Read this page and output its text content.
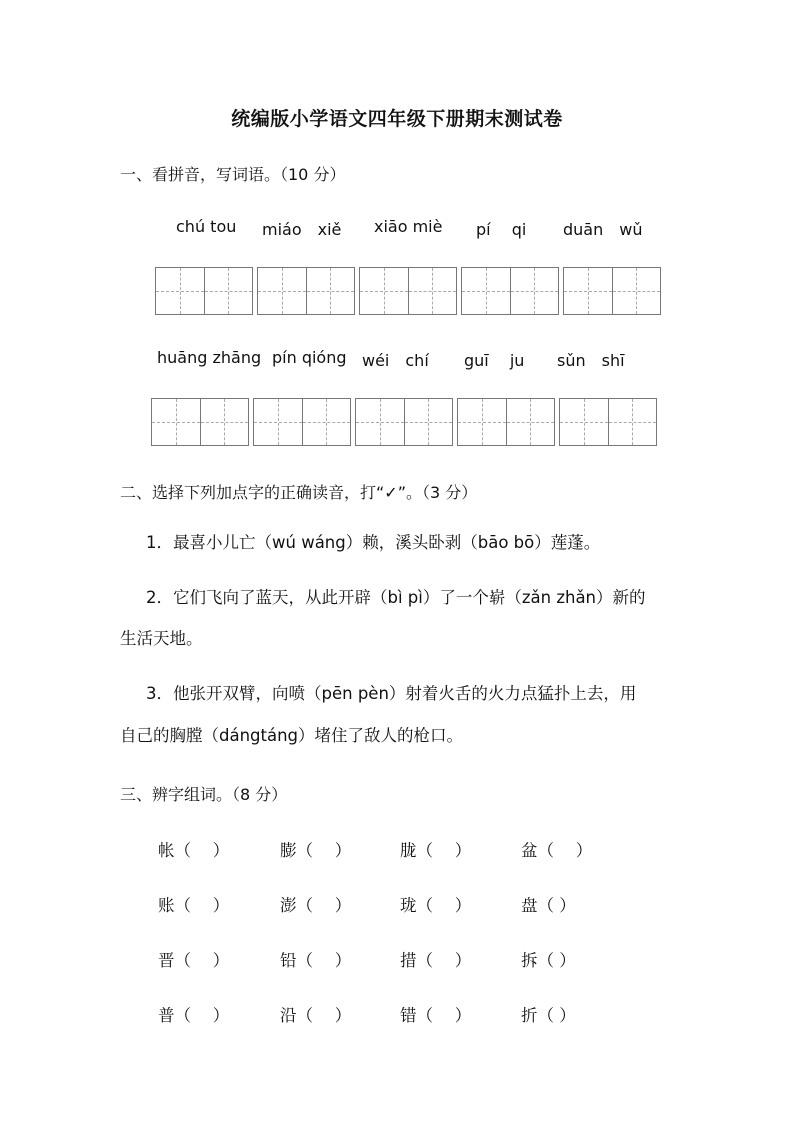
统编版小学语文四年级下册期末测试卷
一、看拼音，写词语。（10 分）
chú tou miáo　xiě xiāo miè pí　 qi duān　wǔ
huāng zhāng pín qióng wéi　chí guī　 ju sǔn　shī
二、选择下列加点字的正确读音，打“✓”。（3 分）
1．最喜小儿亡（wú wáng）赖，溪头卧剥（bāo bō）莲蓬。
2．它们飞向了蓝天，从此开辟（bì pì）了一个崭（zǎn zhǎn）新的
生活天地。
3．他张开双臂，向喷（pēn pèn）射着火舌的火力点猛扑上去，用
自己的胸膛（dángtáng）堵住了敌人的枪口。
三、辨字组词。（8 分）
帐（　 ）	膨（　 ）	胧（　 ）	盆（　 ）
账（　 ）	澎（　 ）	珑（　 ）	盘（ ）
晋（　 ）	铅（　 ）	措（　 ）	拆（ ）
普（　 ）	沿（　 ）	错（　 ）	折（ ）
